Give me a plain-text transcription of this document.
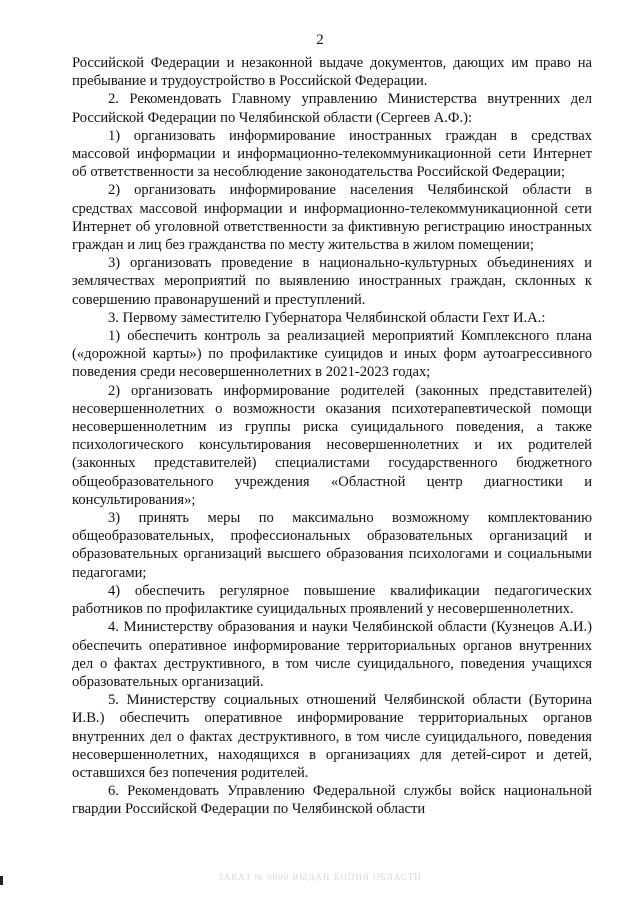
2

Российской Федерации и незаконной выдаче документов, дающих им право на пребывание и трудоустройство в Российской Федерации.

2. Рекомендовать Главному управлению Министерства внутренних дел Российской Федерации по Челябинской области (Сергеев А.Ф.):

1) организовать информирование иностранных граждан в средствах массовой информации и информационно-телекоммуникационной сети Интернет об ответственности за несоблюдение законодательства Российской Федерации;

2) организовать информирование населения Челябинской области в средствах массовой информации и информационно-телекоммуникационной сети Интернет об уголовной ответственности за фиктивную регистрацию иностранных граждан и лиц без гражданства по месту жительства в жилом помещении;

3) организовать проведение в национально-культурных объединениях и землячествах мероприятий по выявлению иностранных граждан, склонных к совершению правонарушений и преступлений.

3. Первому заместителю Губернатора Челябинской области Гехт И.А.:

1) обеспечить контроль за реализацией мероприятий Комплексного плана («дорожной карты») по профилактике суицидов и иных форм аутоагрессивного поведения среди несовершеннолетних в 2021-2023 годах;

2) организовать информирование родителей (законных представителей) несовершеннолетних о возможности оказания психотерапевтической помощи несовершеннолетним из группы риска суицидального поведения, а также психологического консультирования несовершеннолетних и их родителей (законных представителей) специалистами государственного бюджетного общеобразовательного учреждения «Областной центр диагностики и консультирования»;

3) принять меры по максимально возможному комплектованию общеобразовательных, профессиональных образовательных организаций и образовательных организаций высшего образования психологами и социальными педагогами;

4) обеспечить регулярное повышение квалификации педагогических работников по профилактике суицидальных проявлений у несовершеннолетних.

4. Министерству образования и науки Челябинской области (Кузнецов А.И.) обеспечить оперативное информирование территориальных органов внутренних дел о фактах деструктивного, в том числе суицидального, поведения учащихся образовательных организаций.

5. Министерству социальных отношений Челябинской области (Буторина И.В.) обеспечить оперативное информирование территориальных органов внутренних дел о фактах деструктивного, в том числе суицидального, поведения несовершеннолетних, находящихся в организациях для детей-сирот и детей, оставшихся без попечения родителей.

6. Рекомендовать Управлению Федеральной службы войск национальной гвардии Российской Федерации по Челябинской области

ЗАКАЗ № 0000 ВЫДАН КОПИЯ ОБЛАСТИ
